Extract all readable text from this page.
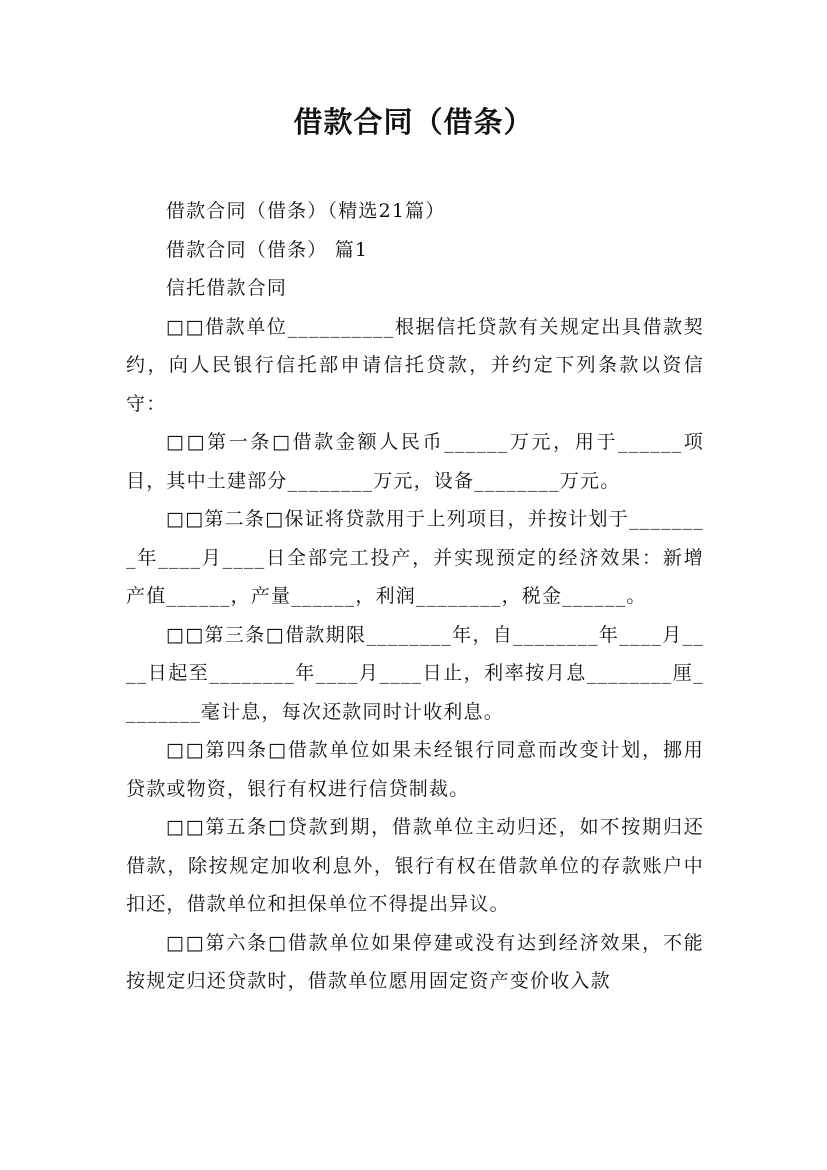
借款合同（借条）

借款合同（借条）（精选21篇）

借款合同（借条） 篇1

信托借款合同

□□借款单位__________根据信托贷款有关规定出具借款契约，向人民银行信托部申请信托贷款，并约定下列条款以资信守：

□□第一条□借款金额人民币______万元，用于______项目，其中土建部分________万元，设备________万元。

□□第二条□保证将贷款用于上列项目，并按计划于________年____月____日全部完工投产，并实现预定的经济效果：新增产值______，产量______，利润________，税金______。

□□第三条□借款期限________年，自________年____月____日起至________年____月____日止，利率按月息________厘________毫计息，每次还款同时计收利息。

□□第四条□借款单位如果未经银行同意而改变计划，挪用贷款或物资，银行有权进行信贷制裁。

□□第五条□贷款到期，借款单位主动归还，如不按期归还借款，除按规定加收利息外，银行有权在借款单位的存款账户中扣还，借款单位和担保单位不得提出异议。

□□第六条□借款单位如果停建或没有达到经济效果，不能按规定归还贷款时，借款单位愿用固定资产变价收入款
